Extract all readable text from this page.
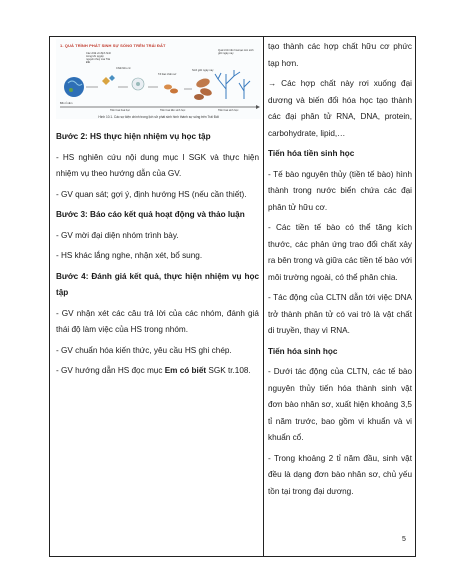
1. QUÁ TRÌNH PHÁT SINH SỰ SỐNG TRÊN TRÁI ĐẤT
Các chất vô định hình trong khí quyển nguyên thuỷ của Trái Đất
Chất hữu cơ
Tế bào nhân sơ
Quá trình tiến hoá tạo nên sinh giới ngày nay
Sinh giới ngày nay
Bốn tỉ năm
Tiến hoá hoá học	Tiến hoá tiền sinh học	Tiến hoá sinh học
Hình 10.1. Các sự kiện chính trong lịch sử phát sinh hình thành sự sống trên Trái Đất

Bước 2: HS thực hiện nhiệm vụ học tập

- HS nghiên cứu nội dung mục I SGK và thực hiện nhiệm vụ theo hướng dẫn của GV.

- GV quan sát; gợi ý, định hướng HS (nếu cần thiết).

Bước 3: Báo cáo kết quả hoạt động và thảo luận

- GV mời đại diện nhóm trình bày.

- HS khác lắng nghe, nhận xét, bổ sung.

Bước 4: Đánh giá kết quả, thực hiện nhiệm vụ học tập

- GV nhận xét các câu trả lời của các nhóm, đánh giá thái độ làm việc của HS trong nhóm.

- GV chuẩn hóa kiến thức, yêu cầu HS ghi chép.

- GV hướng dẫn HS đọc mục Em có biết SGK tr.108.

tạo thành các hợp chất hữu cơ phức tạp hơn.

→ Các hợp chất này rơi xuống đại dương và biến đổi hóa học tạo thành các đại phân tử RNA, DNA, protein, carbohydrate, lipid,…

Tiến hóa tiền sinh học

- Tế bào nguyên thủy (tiền tế bào) hình thành trong nước biển chứa các đại phân tử hữu cơ.

- Các tiền tế bào có thể tăng kích thước, các phản ứng trao đổi chất xảy ra bên trong và giữa các tiền tế bào với môi trường ngoài, có thể phân chia.

- Tác động của CLTN dẫn tới việc DNA trở thành phân tử có vai trò là vật chất di truyền, thay vì RNA.

Tiến hóa sinh học

- Dưới tác động của CLTN, các tế bào nguyên thủy tiến hóa thành sinh vật đơn bào nhân sơ, xuất hiện khoảng 3,5 tỉ năm trước, bao gồm vi khuẩn và vi khuẩn cổ.

- Trong khoảng 2 tỉ năm đầu, sinh vật đều là dạng đơn bào nhân sơ, chủ yếu tồn tại trong đại dương.

5
